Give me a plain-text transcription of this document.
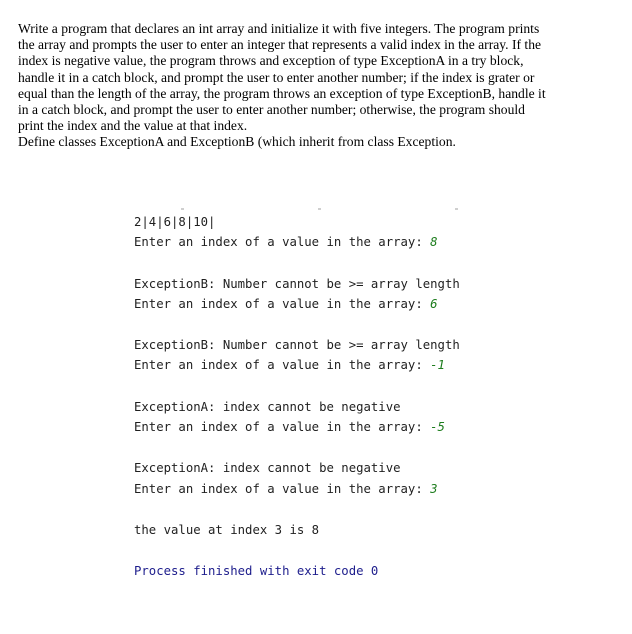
Write a program that declares an int array and initialize it with five integers. The program prints

the array and prompts the user to enter an integer that represents a valid index in the array. If the

index is negative value, the program throws and exception of type ExceptionA in a try block,

handle it in a catch block, and prompt the user to enter another number; if the index is grater or

equal than the length of the array, the program throws an exception of type ExceptionB, handle it

in a catch block, and prompt the user to enter another number; otherwise, the program should

print the index and the value at that index.

Define classes ExceptionA and ExceptionB (which inherit from class Exception.

2|4|6|8|10|
Enter an index of a value in the array: 8
ExceptionB: Number cannot be >= array length
Enter an index of a value in the array: 6
ExceptionB: Number cannot be >= array length
Enter an index of a value in the array: -1
ExceptionA: index cannot be negative
Enter an index of a value in the array: -5
ExceptionA: index cannot be negative
Enter an index of a value in the array: 3
the value at index 3 is 8
Process finished with exit code 0
